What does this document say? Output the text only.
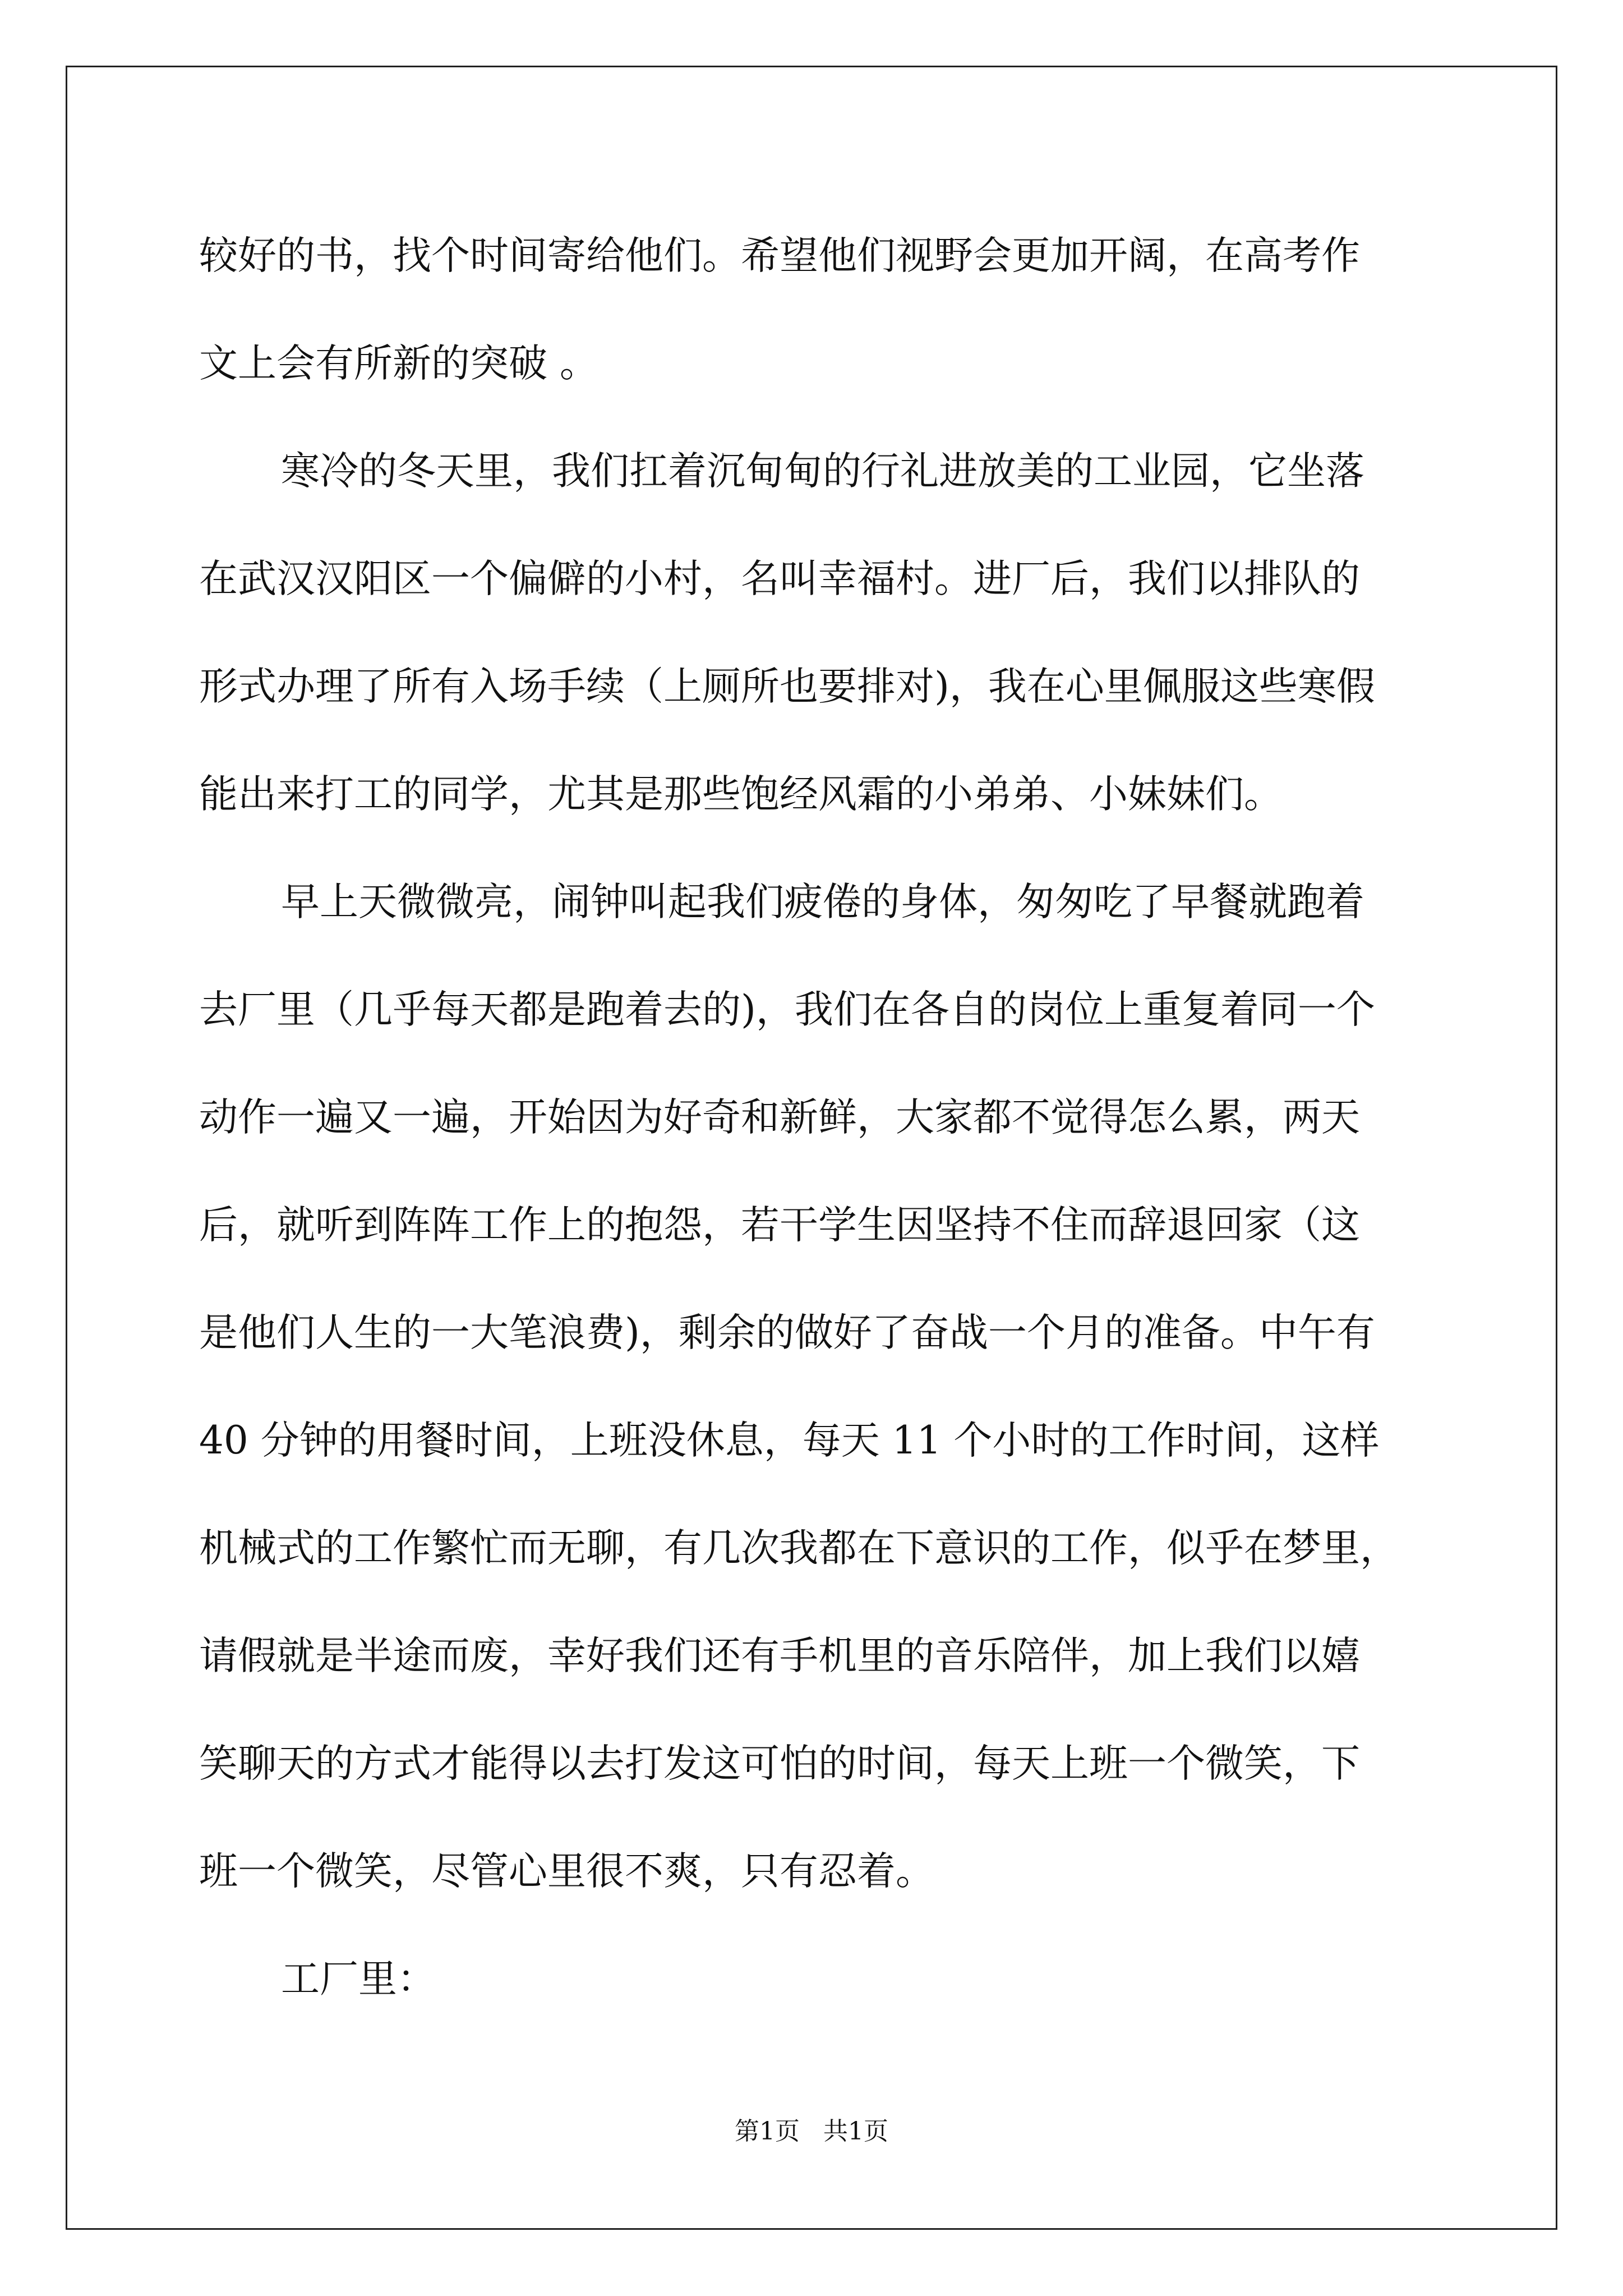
较好的书，找个时间寄给他们。希望他们视野会更加开阔，在高考作
文上会有所新的突破 。
寒冷的冬天里，我们扛着沉甸甸的行礼进放美的工业园，它坐落
在武汉汉阳区一个偏僻的小村，名叫幸福村。进厂后，我们以排队的
形式办理了所有入场手续（上厕所也要排对)，我在心里佩服这些寒假
能出来打工的同学，尤其是那些饱经风霜的小弟弟、小妹妹们。
早上天微微亮，闹钟叫起我们疲倦的身体，匆匆吃了早餐就跑着
去厂里（几乎每天都是跑着去的)，我们在各自的岗位上重复着同一个
动作一遍又一遍，开始因为好奇和新鲜，大家都不觉得怎么累，两天
后，就听到阵阵工作上的抱怨，若干学生因坚持不住而辞退回家（这
是他们人生的一大笔浪费)，剩余的做好了奋战一个月的准备。中午有
40 分钟的用餐时间，上班没休息，每天 11 个小时的工作时间，这样
机械式的工作繁忙而无聊，有几次我都在下意识的工作，似乎在梦里，
请假就是半途而废，幸好我们还有手机里的音乐陪伴，加上我们以嬉
笑聊天的方式才能得以去打发这可怕的时间，每天上班一个微笑，下
班一个微笑，尽管心里很不爽，只有忍着。
工厂里：
第1页   共1页
